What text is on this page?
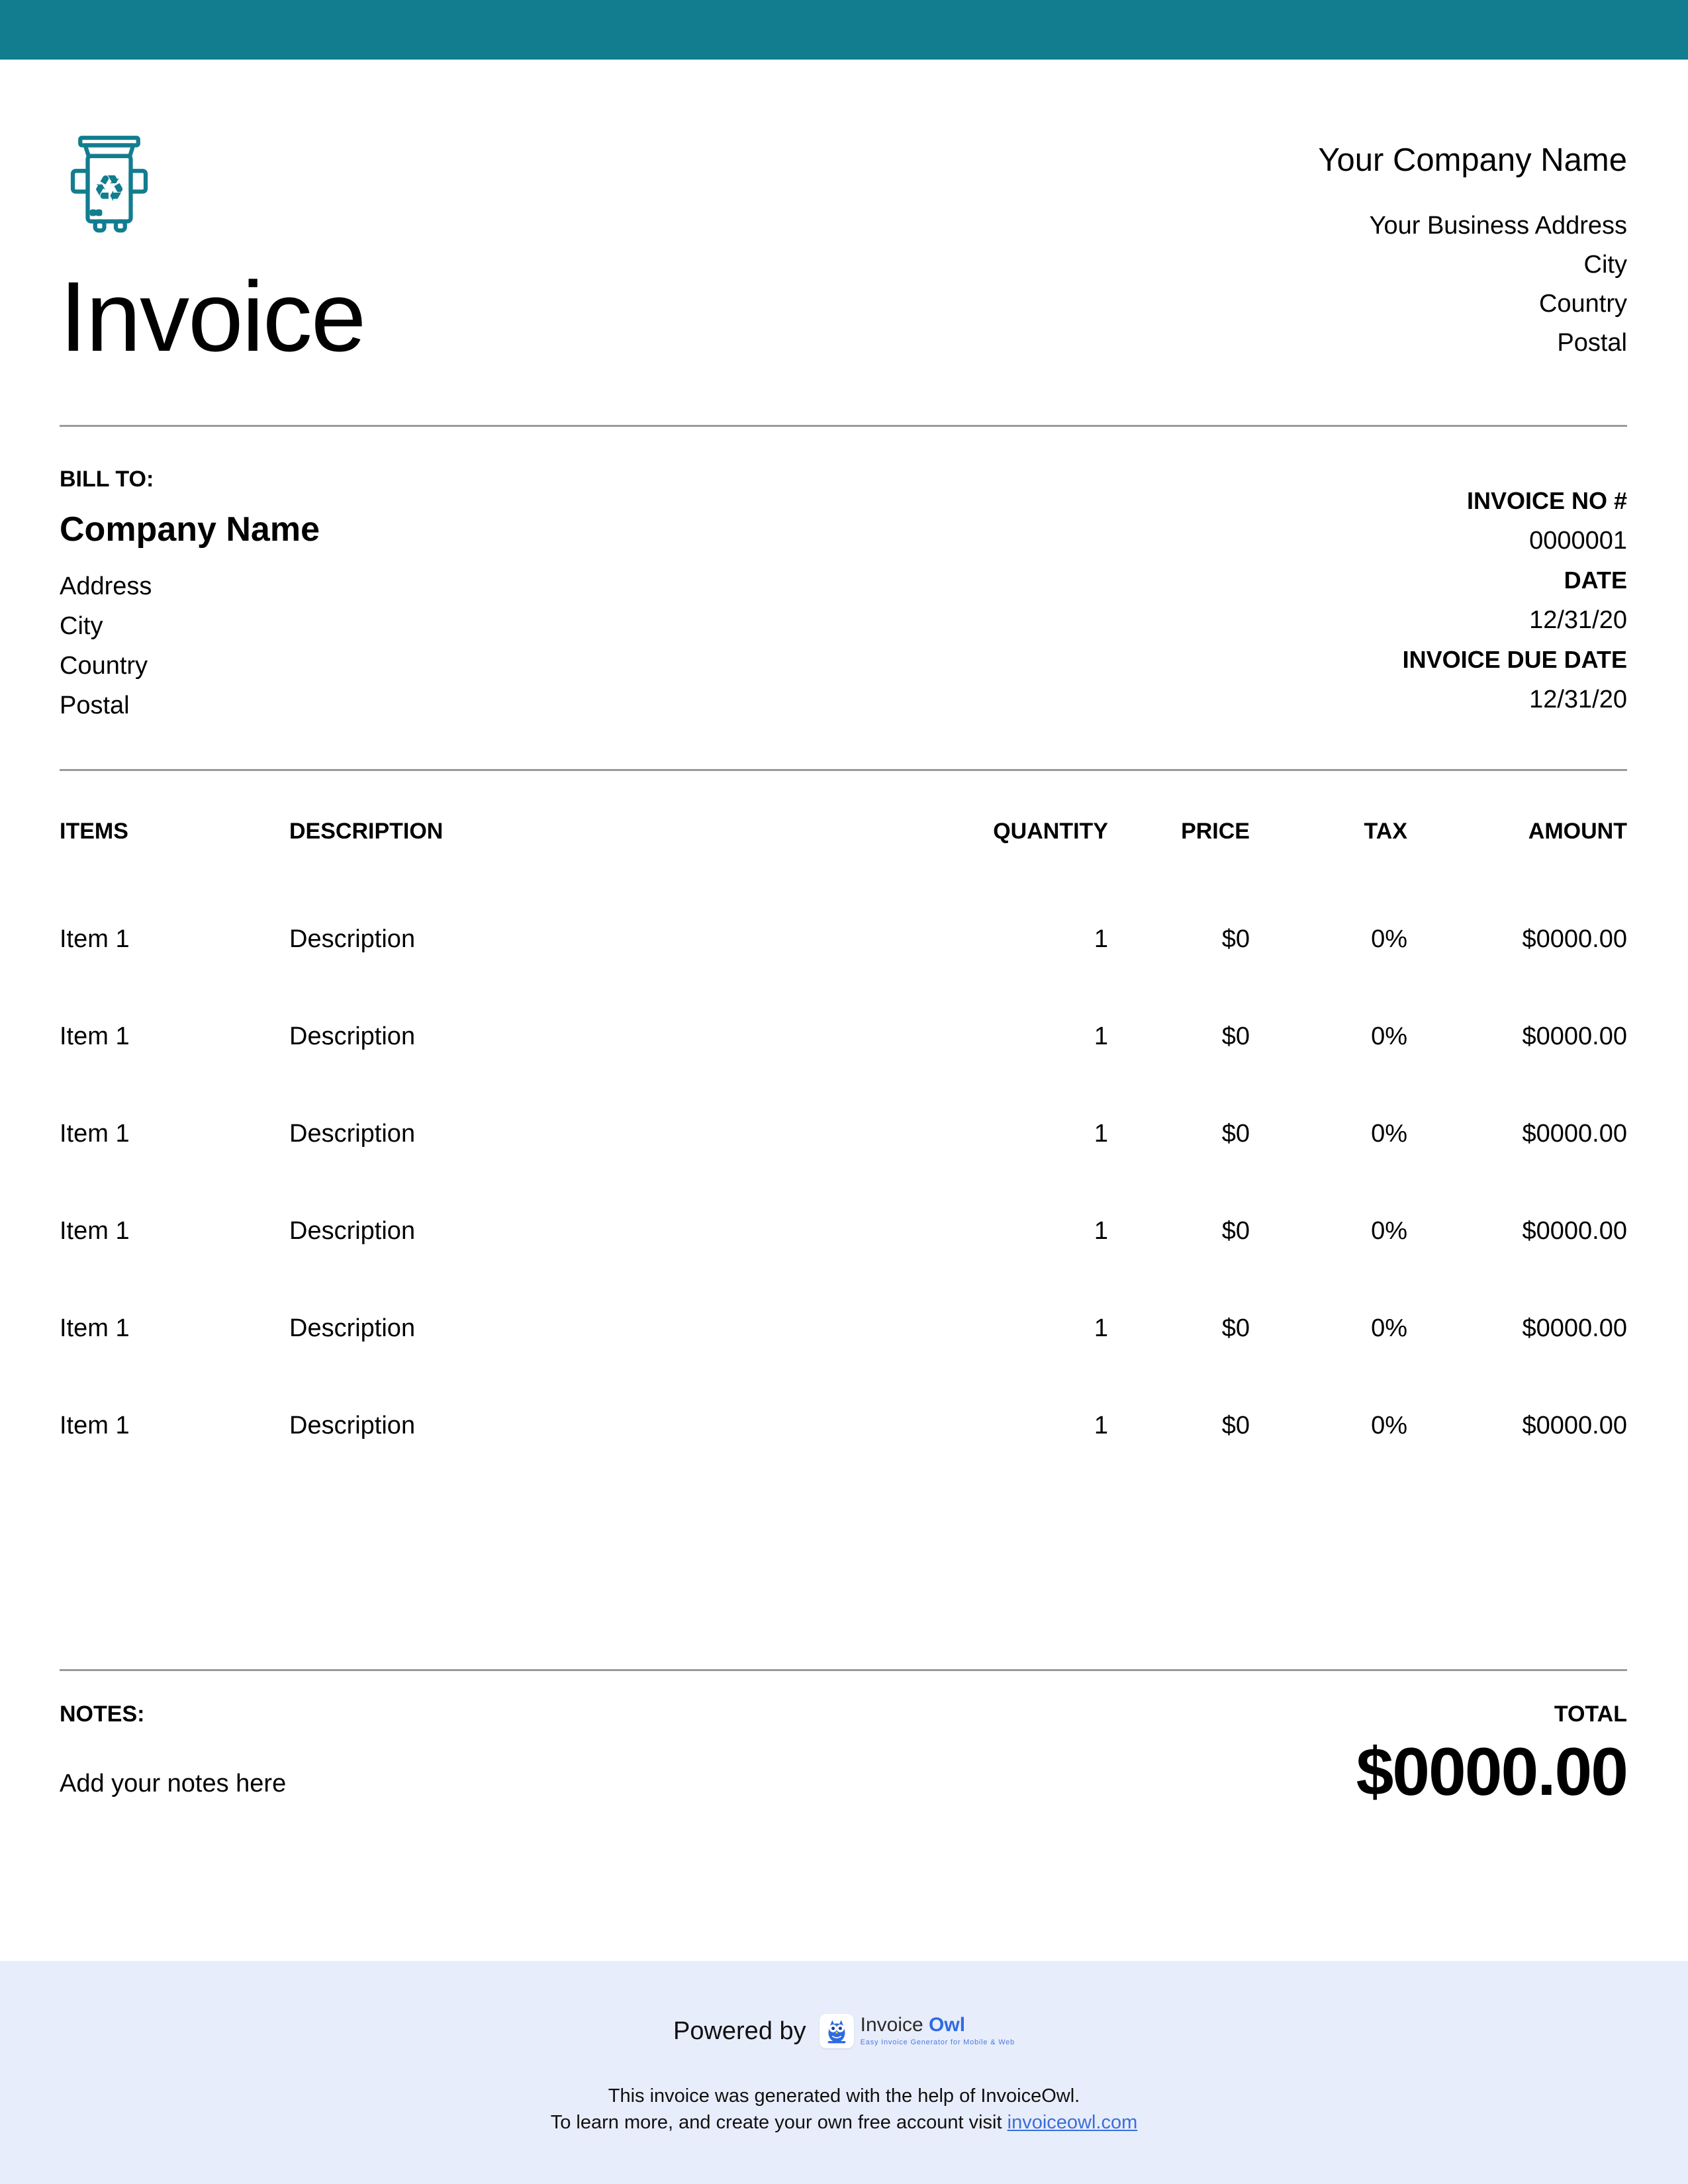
♻
Invoice
Your Company Name
Your Business Address
City
Country
Postal
BILL TO:
Company Name
Address
City
Country
Postal
INVOICE NO #
0000001
DATE
12/31/20
INVOICE DUE DATE
12/31/20
ITEMS	DESCRIPTION	QUANTITY	PRICE	TAX	AMOUNT
Item 1	Description	1	$0	0%	$0000.00
Item 1	Description	1	$0	0%	$0000.00
Item 1	Description	1	$0	0%	$0000.00
Item 1	Description	1	$0	0%	$0000.00
Item 1	Description	1	$0	0%	$0000.00
Item 1	Description	1	$0	0%	$0000.00
NOTES:
Add your notes here
TOTAL
$0000.00
Powered by	Invoice Owl
Easy Invoice Generator for Mobile & Web
This invoice was generated with the help of InvoiceOwl.
To learn more, and create your own free account visit invoiceowl.com
